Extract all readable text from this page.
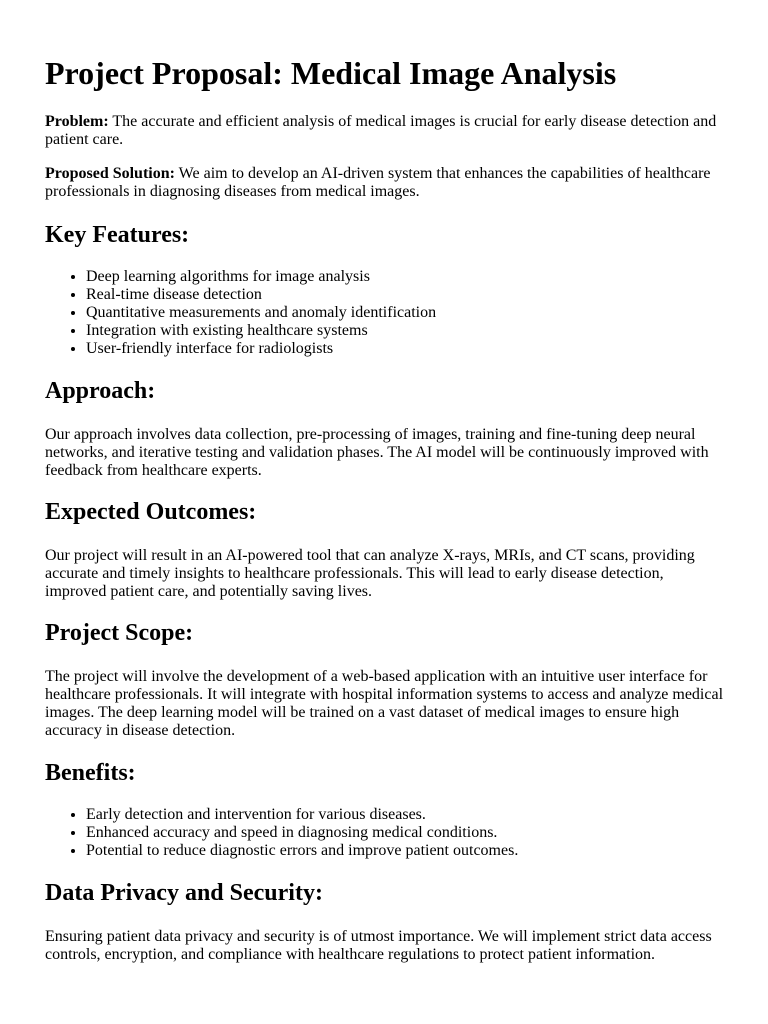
Project Proposal: Medical Image Analysis

Problem: The accurate and efficient analysis of medical images is crucial for early disease detection and patient care.

Proposed Solution: We aim to develop an AI-driven system that enhances the capabilities of healthcare professionals in diagnosing diseases from medical images.

Key Features:
• Deep learning algorithms for image analysis
• Real-time disease detection
• Quantitative measurements and anomaly identification
• Integration with existing healthcare systems
• User-friendly interface for radiologists
Approach:

Our approach involves data collection, pre-processing of images, training and fine-tuning deep neural networks, and iterative testing and validation phases. The AI model will be continuously improved with feedback from healthcare experts.

Expected Outcomes:

Our project will result in an AI-powered tool that can analyze X-rays, MRIs, and CT scans, providing accurate and timely insights to healthcare professionals. This will lead to early disease detection, improved patient care, and potentially saving lives.

Project Scope:

The project will involve the development of a web-based application with an intuitive user interface for healthcare professionals. It will integrate with hospital information systems to access and analyze medical images. The deep learning model will be trained on a vast dataset of medical images to ensure high accuracy in disease detection.

Benefits:
• Early detection and intervention for various diseases.
• Enhanced accuracy and speed in diagnosing medical conditions.
• Potential to reduce diagnostic errors and improve patient outcomes.
Data Privacy and Security:

Ensuring patient data privacy and security is of utmost importance. We will implement strict data access controls, encryption, and compliance with healthcare regulations to protect patient information.
